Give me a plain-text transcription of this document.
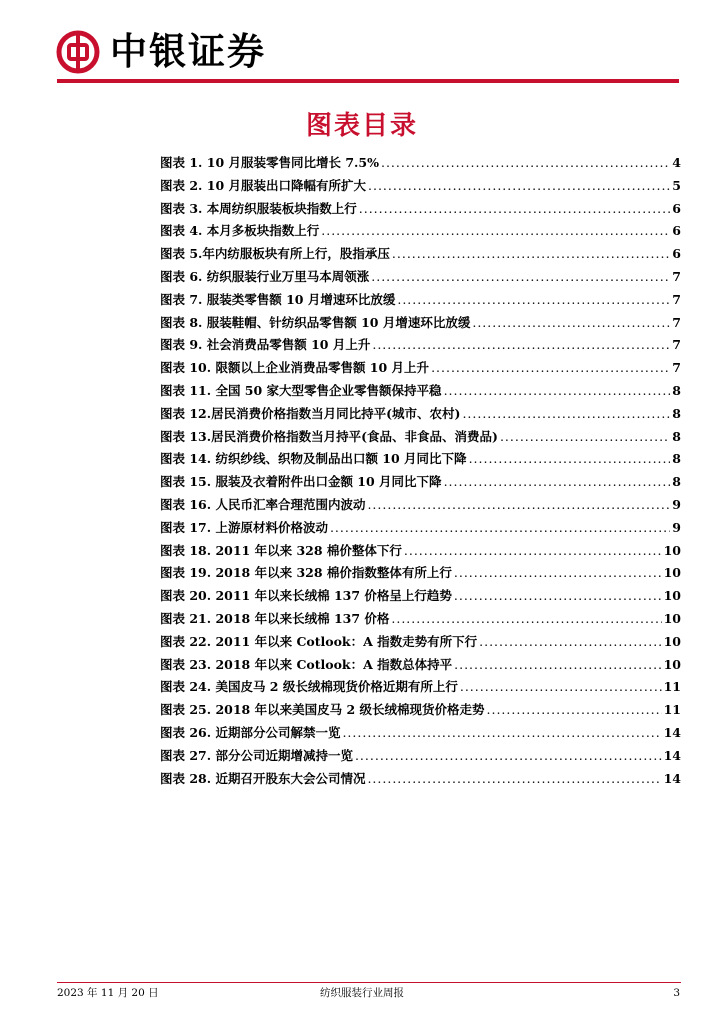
中银证券
图表目录
图表 1. 10 月服装零售同比增长 7.5% .....	4
图表 2. 10 月服装出口降幅有所扩大 .....	5
图表 3. 本周纺织服装板块指数上行 .....	6
图表 4. 本月多板块指数上行 .....	6
图表 5.年内纺服板块有所上行，股指承压 .....	6
图表 6. 纺织服装行业万里马本周领涨 .....	7
图表 7. 服装类零售额 10 月增速环比放缓 .....	7
图表 8. 服装鞋帽、针纺织品零售额 10 月增速环比放缓 .....	7
图表 9. 社会消费品零售额 10 月上升 .....	7
图表 10. 限额以上企业消费品零售额 10 月上升 .....	7
图表 11. 全国 50 家大型零售企业零售额保持平稳 .....	8
图表 12.居民消费价格指数当月同比持平(城市、农村) .....	8
图表 13.居民消费价格指数当月持平(食品、非食品、消费品) .....	8
图表 14. 纺织纱线、织物及制品出口额 10 月同比下降 .....	8
图表 15. 服装及衣着附件出口金额 10 月同比下降 .....	8
图表 16. 人民币汇率合理范围内波动 .....	9
图表 17. 上游原材料价格波动 .....	9
图表 18. 2011 年以来 328 棉价整体下行 .....	10
图表 19. 2018 年以来 328 棉价指数整体有所上行 .....	10
图表 20. 2011 年以来长绒棉 137 价格呈上行趋势 .....	10
图表 21. 2018 年以来长绒棉 137 价格 .....	10
图表 22. 2011 年以来 Cotlook：A 指数走势有所下行 .....	10
图表 23. 2018 年以来 Cotlook：A 指数总体持平 .....	10
图表 24. 美国皮马 2 级长绒棉现货价格近期有所上行 .....	11
图表 25. 2018 年以来美国皮马 2 级长绒棉现货价格走势 .....	11
图表 26. 近期部分公司解禁一览 .....	14
图表 27. 部分公司近期增减持一览 .....	14
图表 28. 近期召开股东大会公司情况 .....	14
2023 年 11 月 20 日	纺织服装行业周报	3
